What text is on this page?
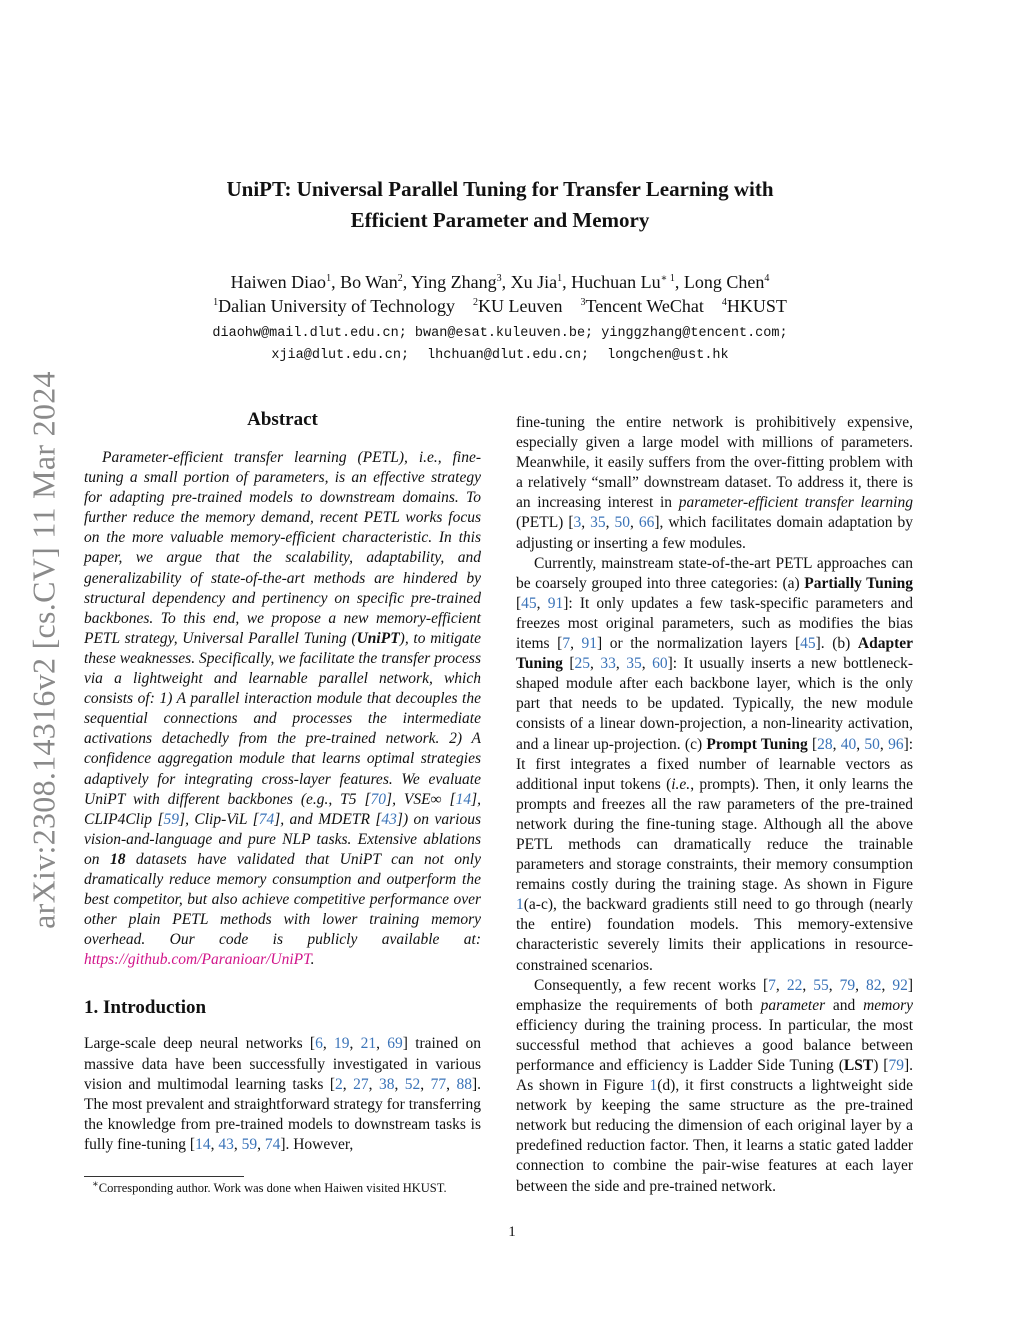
arXiv:2308.14316v2 [cs.CV] 11 Mar 2024
UniPT: Universal Parallel Tuning for Transfer Learning with
Efficient Parameter and Memory
Haiwen Diao$^1$, Bo Wan$^2$, Ying Zhang$^3$, Xu Jia$^1$, Huchuan $Lu^{∗ 1}$, Long Chen$^4$
$^1$Dalian University of Technology $^2$KU Leuven $^3$Tencent WeChat $^4$HKUST
diaohw@mail.dlut.edu.cn; bwan@esat.kuleuven.be; yinggzhang@tencent.com;
xjia@dlut.edu.cn; lhchuan@dlut.edu.cn; longchen@ust.hk
Abstract

Parameter-efficient transfer learning (PETL), i.e., fine-tuning a small portion of parameters, is an effective strategy for adapting pre-trained models to downstream domains. To further reduce the memory demand, recent PETL works focus on the more valuable memory-efficient characteristic. In this paper, we argue that the scalability, adaptability, and generalizability of state-of-the-art methods are hindered by structural dependency and pertinency on specific pre-trained backbones. To this end, we propose a new memory-efficient PETL strategy, Universal Parallel Tuning (UniPT), to mitigate these weaknesses. Specifically, we facilitate the transfer process via a lightweight and learnable parallel network, which consists of: 1) A parallel interaction module that decouples the sequential connections and processes the intermediate activations detachedly from the pre-trained network. 2) A confidence aggregation module that learns optimal strategies adaptively for integrating cross-layer features. We evaluate UniPT with different backbones (e.g., T5 [70], VSE∞ [14], CLIP4Clip [59], Clip-ViL [74], and MDETR [43]) on various vision-and-language and pure NLP tasks. Extensive ablations on 18 datasets have validated that UniPT can not only dramatically reduce memory consumption and outperform the best competitor, but also achieve competitive performance over other plain PETL methods with lower training memory overhead. Our code is publicly available at: https://github.com/Paranioar/UniPT.

1. Introduction

Large-scale deep neural networks [6, 19, 21, 69] trained on massive data have been successfully investigated in various vision and multimodal learning tasks [2, 27, 38, 52, 77, 88]. The most prevalent and straightforward strategy for transferring the knowledge from pre-trained models to downstream tasks is fully fine-tuning [14, 43, 59, 74]. However,

fine-tuning the entire network is prohibitively expensive, especially given a large model with millions of parameters. Meanwhile, it easily suffers from the over-fitting problem with a relatively “small” downstream dataset. To address it, there is an increasing interest in parameter-efficient transfer learning (PETL) [3, 35, 50, 66], which facilitates domain adaptation by adjusting or inserting a few modules.

Currently, mainstream state-of-the-art PETL approaches can be coarsely grouped into three categories: (a) Partially Tuning [45, 91]: It only updates a few task-specific parameters and freezes most original parameters, such as modifies the bias items [7, 91] or the normalization layers [45]. (b) Adapter Tuning [25, 33, 35, 60]: It usually inserts a new bottleneck-shaped module after each backbone layer, which is the only part that needs to be updated. Typically, the new module consists of a linear down-projection, a non-linearity activation, and a linear up-projection. (c) Prompt Tuning [28, 40, 50, 96]: It first integrates a fixed number of learnable vectors as additional input tokens (i.e., prompts). Then, it only learns the prompts and freezes all the raw parameters of the pre-trained network during the fine-tuning stage. Although all the above PETL methods can dramatically reduce the trainable parameters and storage constraints, their memory consumption remains costly during the training stage. As shown in Figure 1(a-c), the backward gradients still need to go through (nearly the entire) foundation models. This memory-extensive characteristic severely limits their applications in resource-constrained scenarios.

Consequently, a few recent works [7, 22, 55, 79, 82, 92] emphasize the requirements of both parameter and memory efficiency during the training process. In particular, the most successful method that achieves a good balance between performance and efficiency is Ladder Side Tuning (LST) [79]. As shown in Figure 1(d), it first constructs a lightweight side network by keeping the same structure as the pre-trained network but reducing the dimension of each original layer by a predefined reduction factor. Then, it learns a static gated ladder connection to combine the pair-wise features at each layer between the side and pre-trained network.

∗Corresponding author. Work was done when Haiwen visited HKUST.
1
